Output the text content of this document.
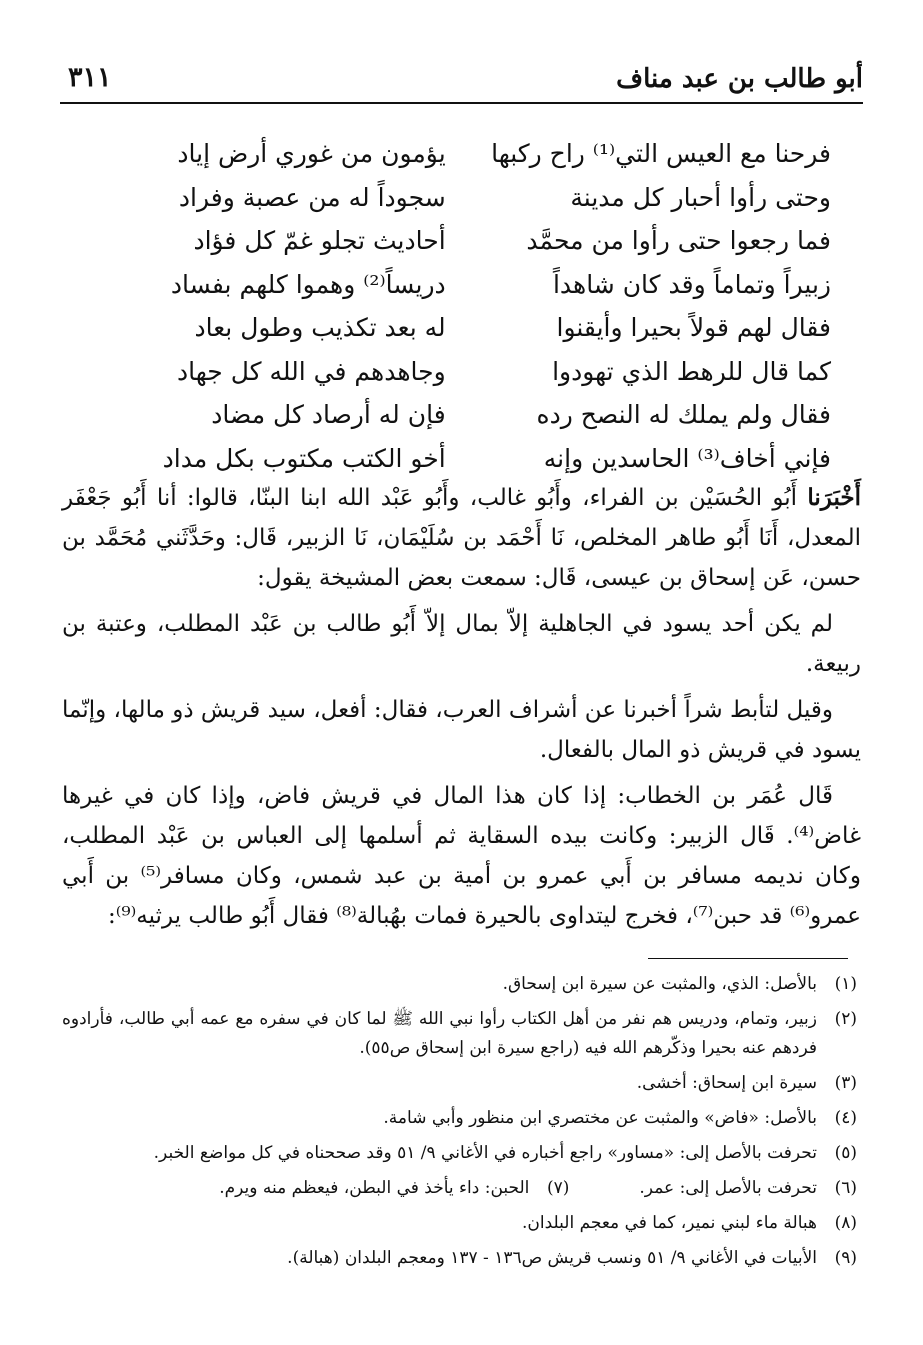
أبو طالب بن عبد مناف
٣١١
فرحنا مع العيس التي⁽¹⁾ راح ركبها
يؤمون من غوري أرض إياد
وحتى رأوا أحبار كل مدينة
سجوداً له من عصبة وفراد
فما رجعوا حتى رأوا من محمَّد
أحاديث تجلو غمّ كل فؤاد
زبيراً وتماماً وقد كان شاهداً
دريساً⁽²⁾ وهموا كلهم بفساد
فقال لهم قولاً بحيرا وأيقنوا
له بعد تكذيب وطول بعاد
كما قال للرهط الذي تهودوا
وجاهدهم في الله كل جهاد
فقال ولم يملك له النصح رده
فإن له أرصاد كل مضاد
فإني أخاف⁽³⁾ الحاسدين وإنه
أخو الكتب مكتوب بكل مداد

أَخْبَرَنا أَبُو الحُسَيْن بن الفراء، وأَبُو غالب، وأَبُو عَبْد الله ابنا البنّا، قالوا: أنا أَبُو جَعْفَر المعدل، أَنَا أَبُو طاهر المخلص، نَا أَحْمَد بن سُلَيْمَان، نَا الزبير، قَال: وحَدَّثَني مُحَمَّد بن حسن، عَن إسحاق بن عيسى، قَال: سمعت بعض المشيخة يقول:

لم يكن أحد يسود في الجاهلية إلاّ بمال إلاّ أَبُو طالب بن عَبْد المطلب، وعتبة بن ربيعة.

وقيل لتأبط شراً أخبرنا عن أشراف العرب، فقال: أفعل، سيد قريش ذو مالها، وإنّما يسود في قريش ذو المال بالفعال.

قَال عُمَر بن الخطاب: إذا كان هذا المال في قريش فاض، وإذا كان في غيرها غاض⁽⁴⁾. قَال الزبير: وكانت بيده السقاية ثم أسلمها إلى العباس بن عَبْد المطلب، وكان نديمه مسافر بن أَبي عمرو بن أمية بن عبد شمس، وكان مسافر⁽⁵⁾ بن أَبي عمرو⁽⁶⁾ قد حبن⁽⁷⁾، فخرج ليتداوى بالحيرة فمات بهُبالة⁽⁸⁾ فقال أَبُو طالب يرثيه⁽⁹⁾:

(١)
بالأصل: الذي، والمثبت عن سيرة ابن إسحاق.
(٢)
زبير، وتمام، ودريس هم نفر من أهل الكتاب رأوا نبي الله ﷺ لما كان في سفره مع عمه أبي طالب، فأرادوه فردهم عنه بحيرا وذكّرهم الله فيه (راجع سيرة ابن إسحاق ص٥٥).
(٣)
سيرة ابن إسحاق: أخشى.
(٤)
بالأصل: «فاض» والمثبت عن مختصري ابن منظور وأبي شامة.
(٥)
تحرفت بالأصل إلى: «مساور» راجع أخباره في الأغاني ٩/ ٥١ وقد صححناه في كل مواضع الخبر.
(٦)
تحرفت بالأصل إلى: عمر.
(٧)
الحبن: داء يأخذ في البطن، فيعظم منه ويرم.
(٨)
هبالة ماء لبني نمير، كما في معجم البلدان.
(٩)
الأبيات في الأغاني ٩/ ٥١ ونسب قريش ص١٣٦ - ١٣٧ ومعجم البلدان (هبالة).
